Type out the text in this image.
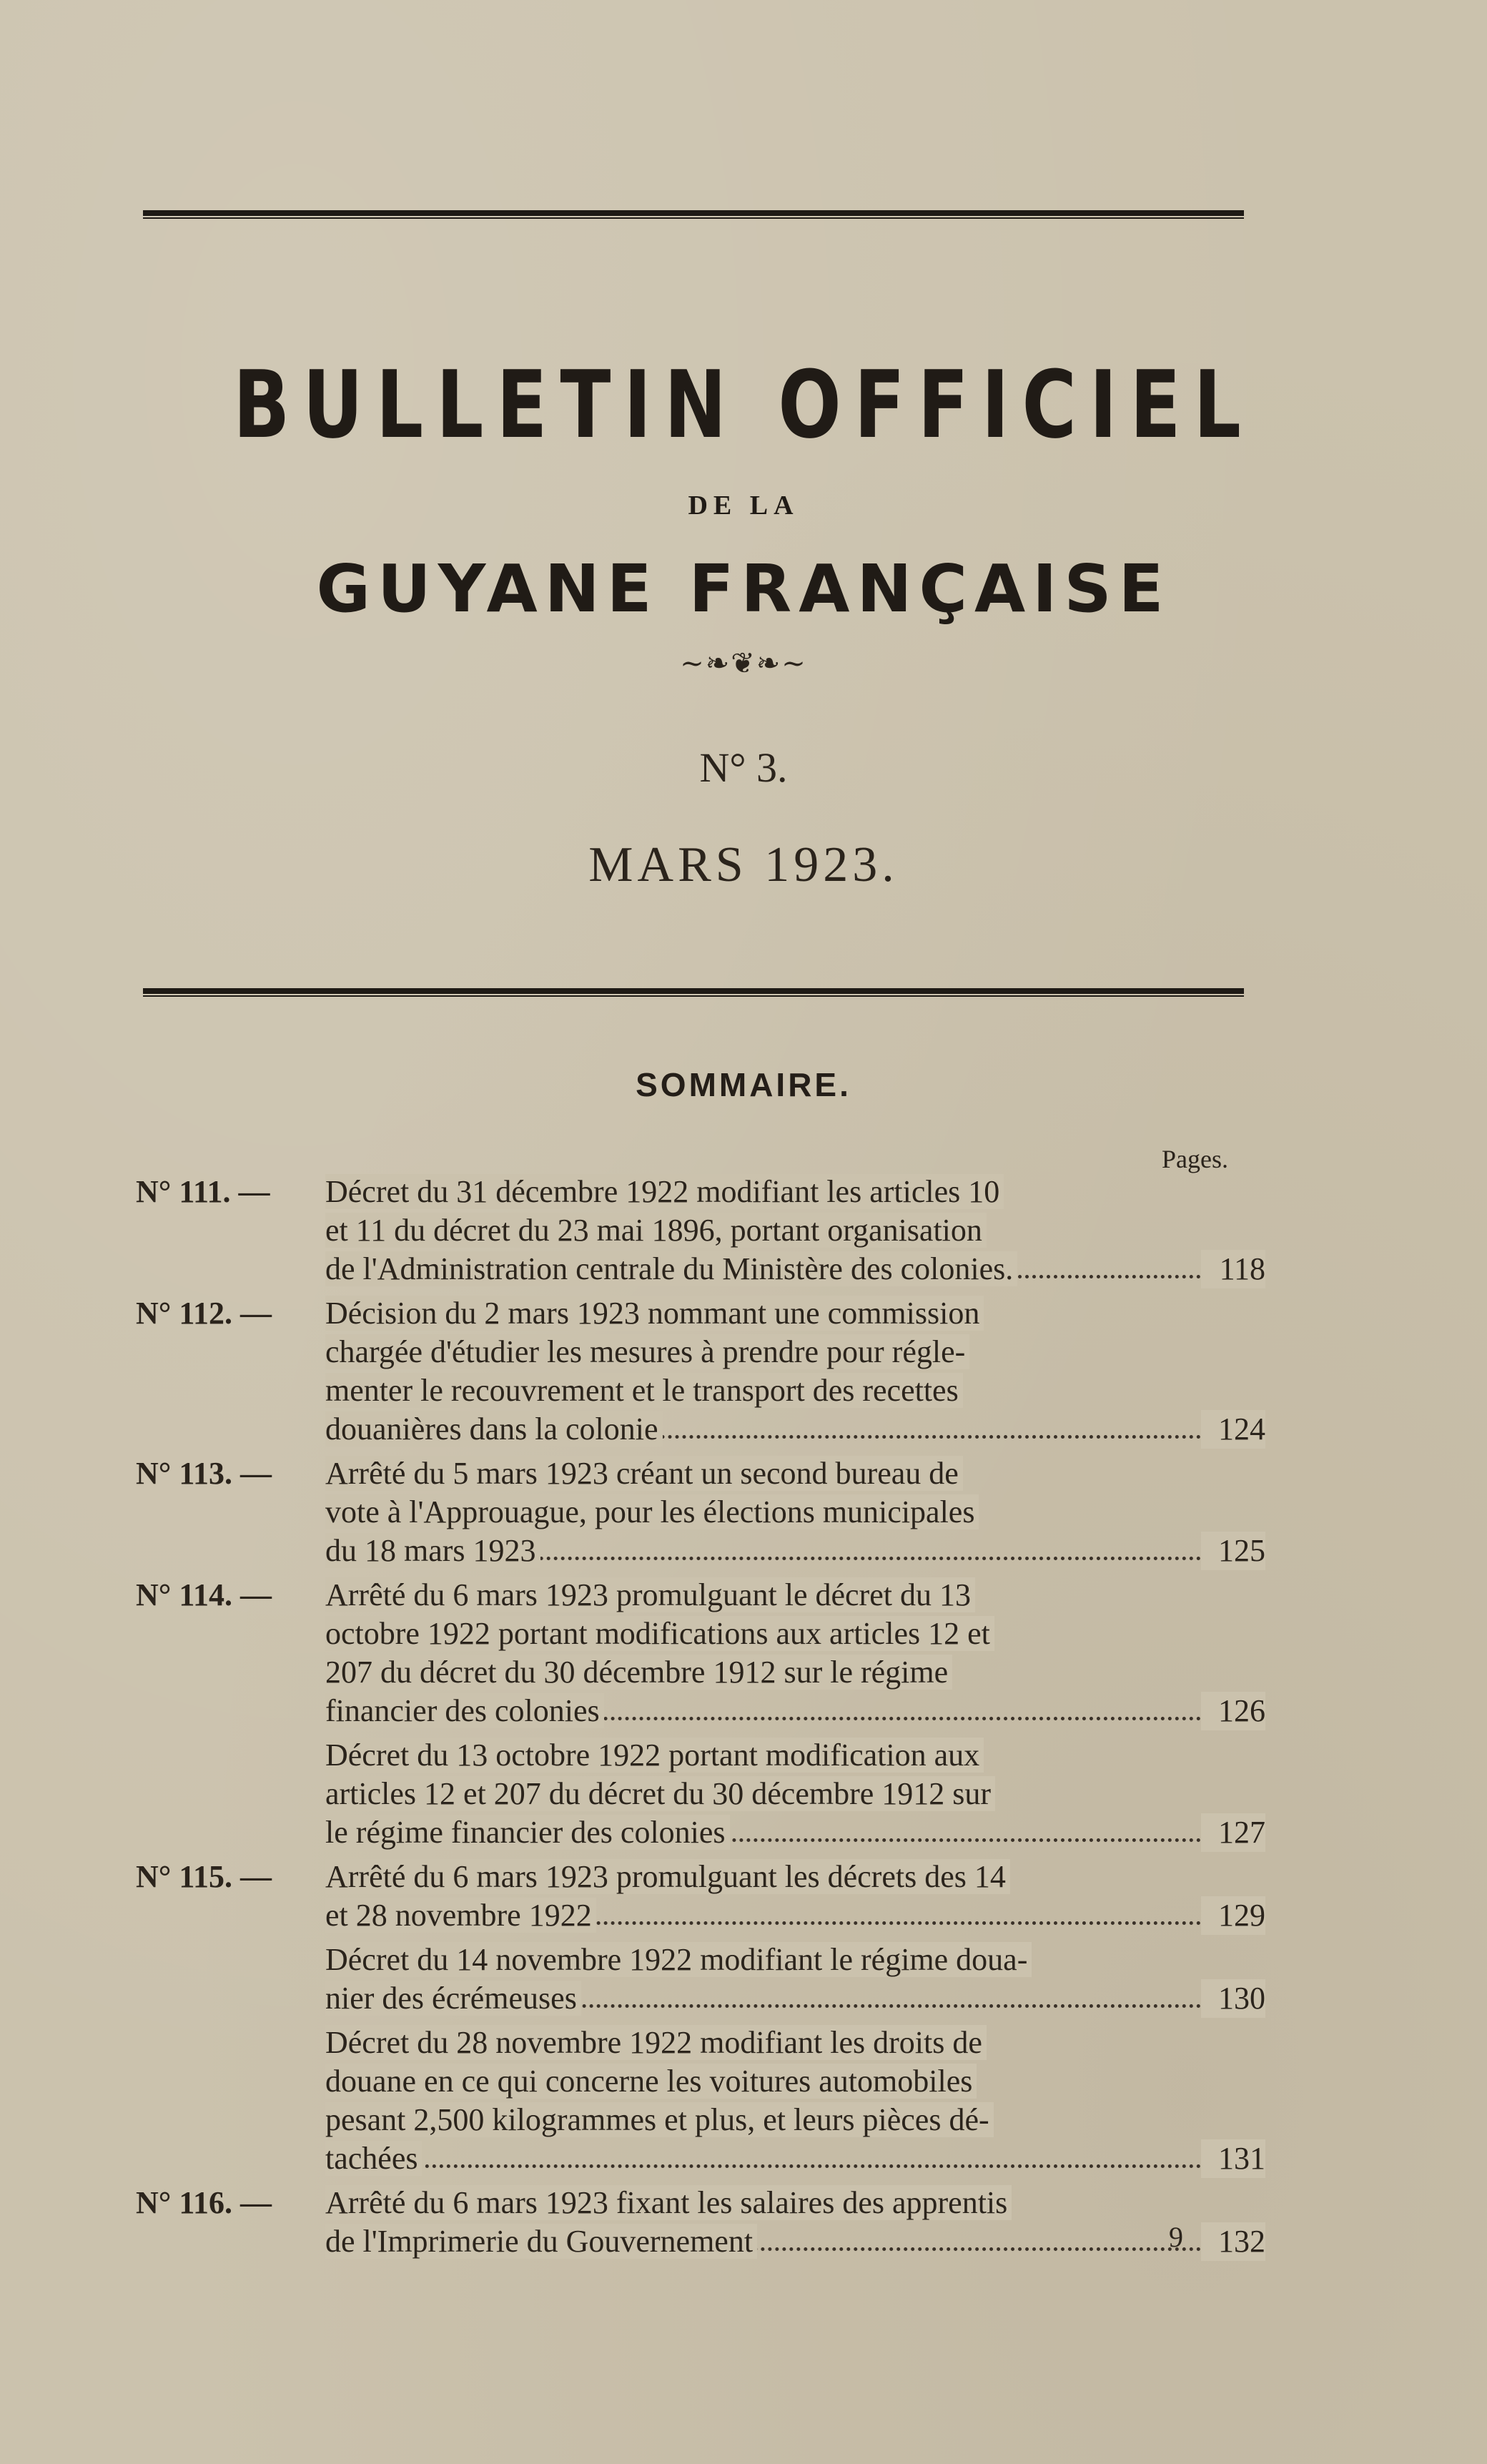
BULLETIN OFFICIEL
DE LA
GUYANE FRANÇAISE
~❧❦❧~
N° 3.
MARS 1923.
SOMMAIRE.
Pages.
N° 111. —	Décret du 31 décembre 1922 modifiant les articles 10
et 11 du décret du 23 mai 1896, portant organisation
de l'Administration centrale du Ministère des colonies.	118
N° 112. —	Décision du 2 mars 1923 nommant une commission
chargée d'étudier les mesures à prendre pour régle-
menter le recouvrement et le transport des recettes
douanières dans la colonie	124
N° 113. —	Arrêté du 5 mars 1923 créant un second bureau de
vote à l'Approuague, pour les élections municipales
du 18 mars 1923	125
N° 114. —	Arrêté du 6 mars 1923 promulguant le décret du 13
octobre 1922 portant modifications aux articles 12 et
207 du décret du 30 décembre 1912 sur le régime
financier des colonies	126
Décret du 13 octobre 1922 portant modification aux
articles 12 et 207 du décret du 30 décembre 1912 sur
le régime financier des colonies	127
N° 115. —	Arrêté du 6 mars 1923 promulguant les décrets des 14
et 28 novembre 1922	129
Décret du 14 novembre 1922 modifiant le régime doua-
nier des écrémeuses	130
Décret du 28 novembre 1922 modifiant les droits de
douane en ce qui concerne les voitures automobiles
pesant 2,500 kilogrammes et plus, et leurs pièces dé-
tachées	131
N° 116. —	Arrêté du 6 mars 1923 fixant les salaires des apprentis
de l'Imprimerie du Gouvernement	132
9
